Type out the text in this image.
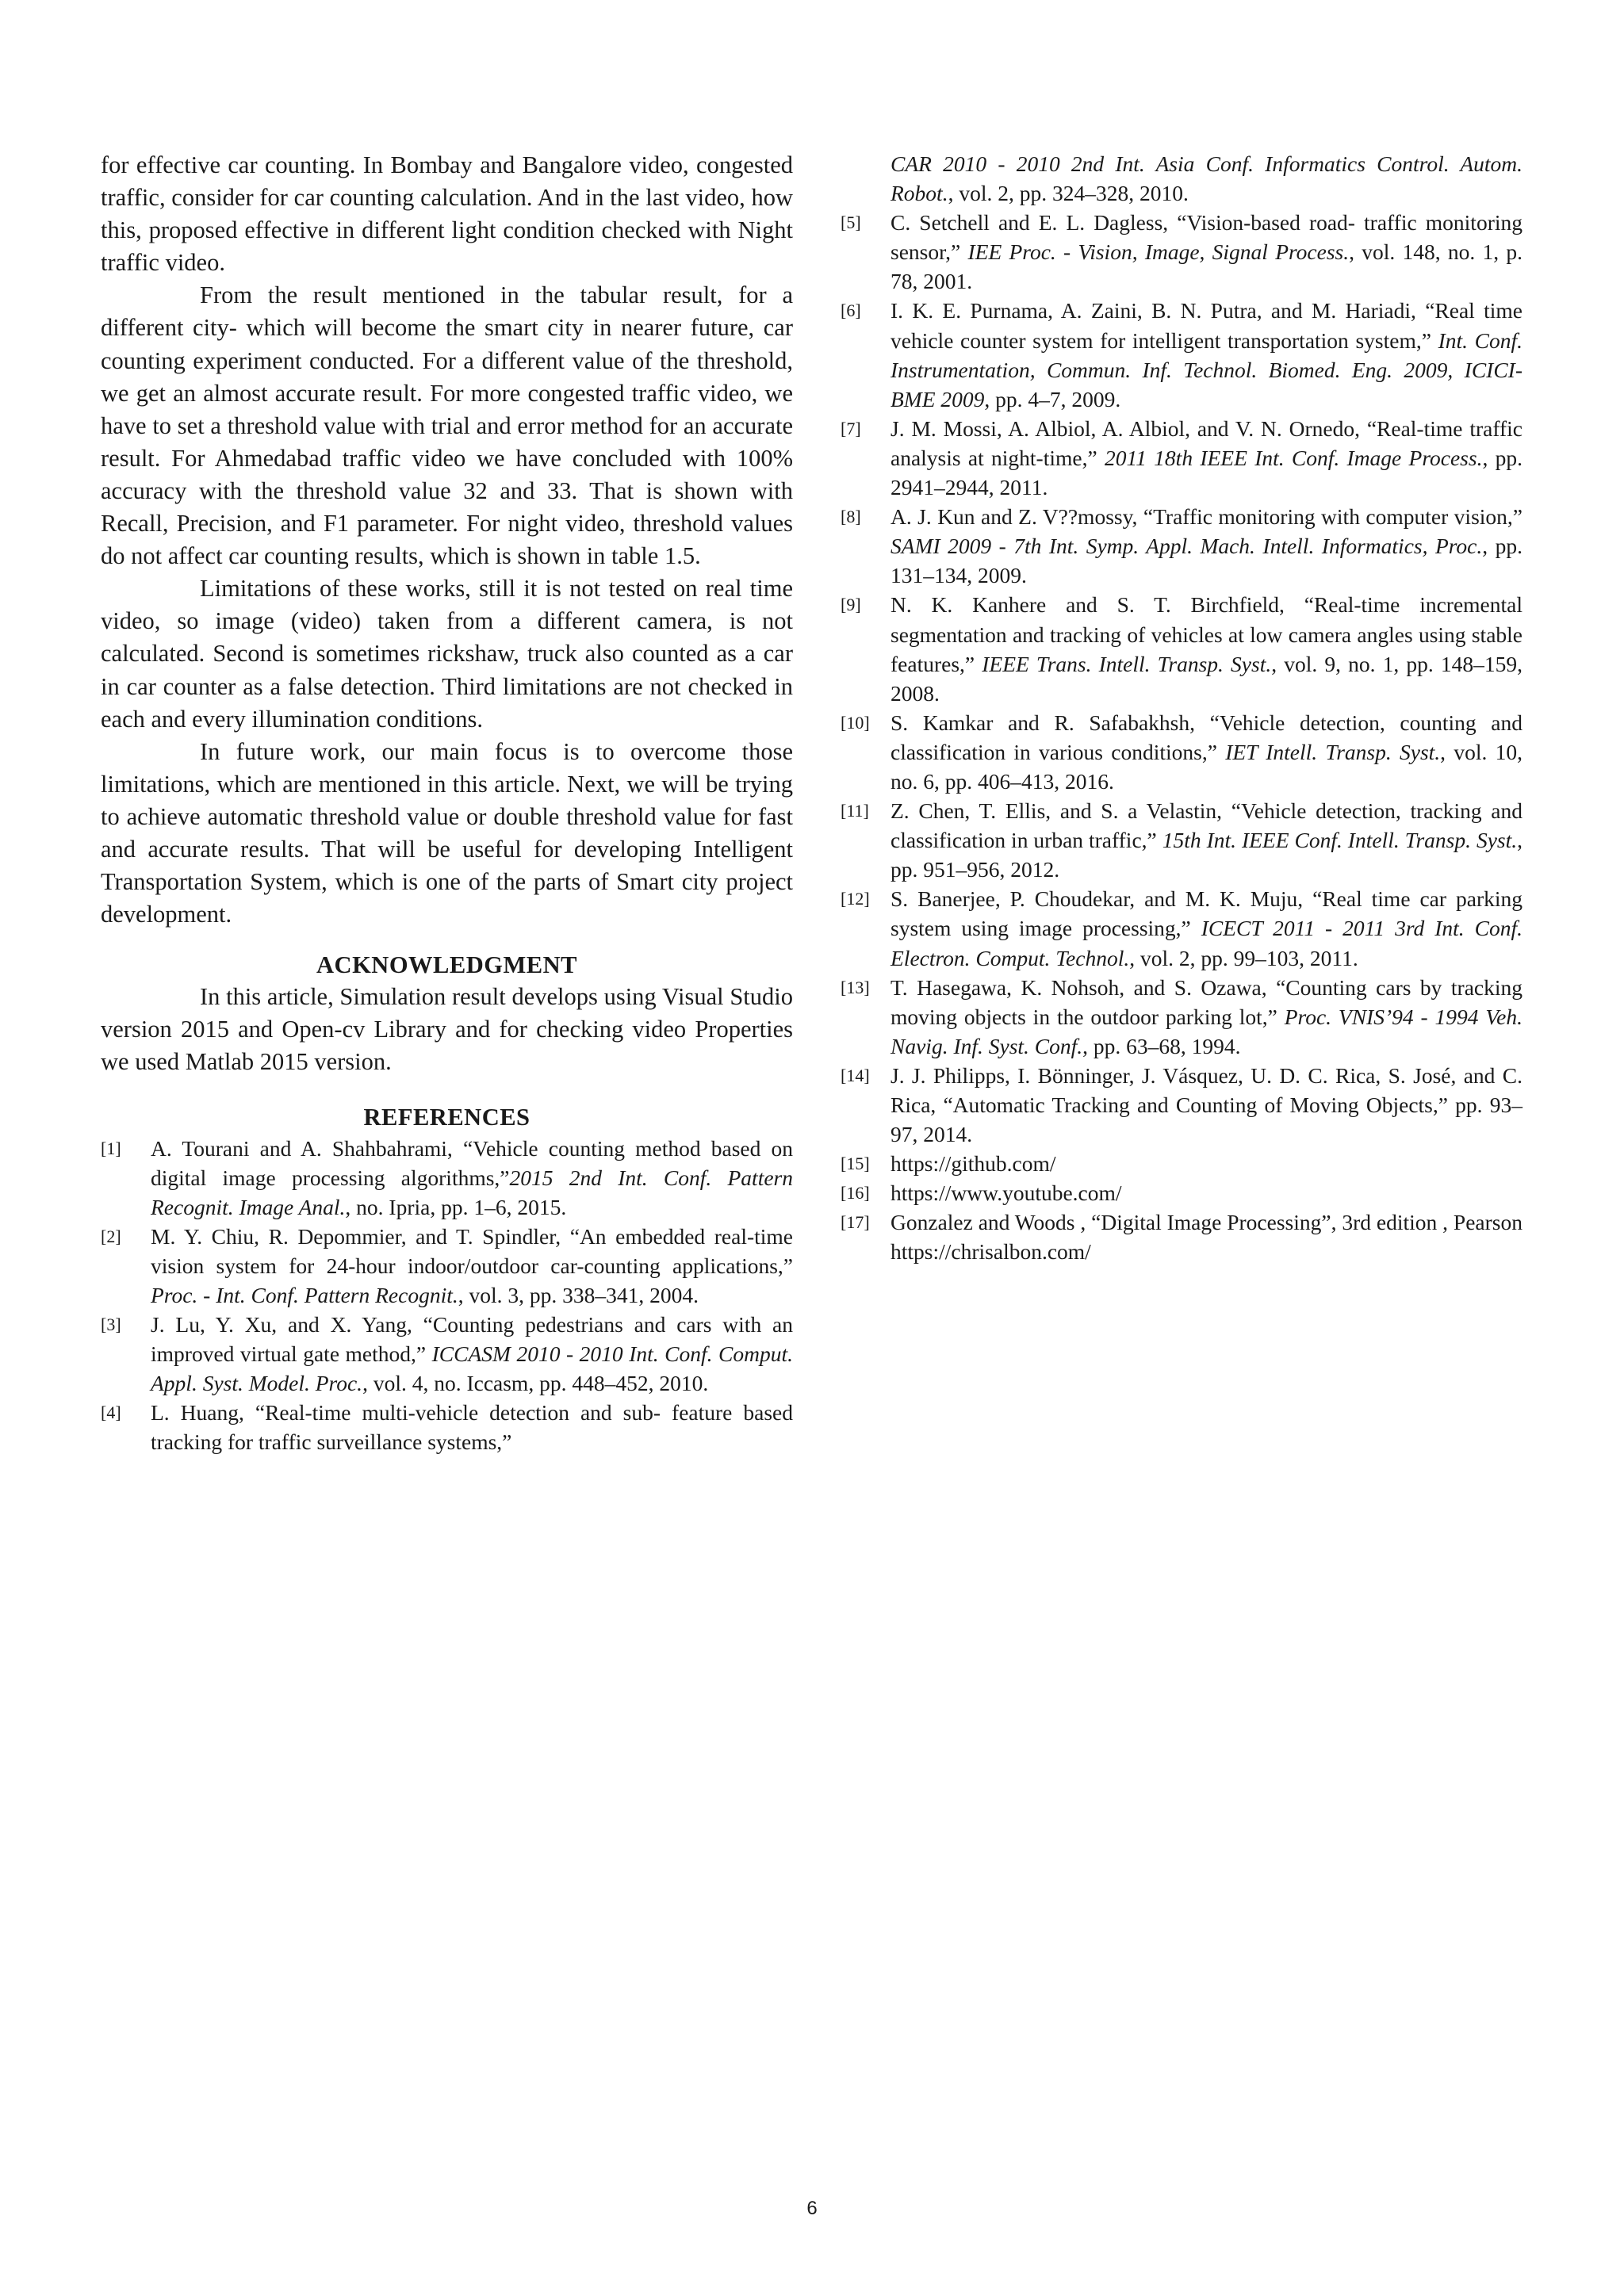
for effective car counting. In Bombay and Bangalore video, congested traffic, consider for car counting calculation. And in the last video, how this, proposed effective in different light condition checked with Night traffic video.

From the result mentioned in the tabular result, for a different city- which will become the smart city in nearer future, car counting experiment conducted. For a different value of the threshold, we get an almost accurate result. For more congested traffic video, we have to set a threshold value with trial and error method for an accurate result. For Ahmedabad traffic video we have concluded with 100% accuracy with the threshold value 32 and 33. That is shown with Recall, Precision, and F1 parameter. For night video, threshold values do not affect car counting results, which is shown in table 1.5.

Limitations of these works, still it is not tested on real time video, so image (video) taken from a different camera, is not calculated. Second is sometimes rickshaw, truck also counted as a car in car counter as a false detection. Third limitations are not checked in each and every illumination conditions.

In future work, our main focus is to overcome those limitations, which are mentioned in this article. Next, we will be trying to achieve automatic threshold value or double threshold value for fast and accurate results. That will be useful for developing Intelligent Transportation System, which is one of the parts of Smart city project development.

ACKNOWLEDGMENT

In this article, Simulation result develops using Visual Studio version 2015 and Open-cv Library and for checking video Properties we used Matlab 2015 version.

REFERENCES
[1]	A. Tourani and A. Shahbahrami, “Vehicle counting method based on digital image processing algorithms,”2015 2nd Int. Conf. Pattern Recognit. Image Anal., no. Ipria, pp. 1–6, 2015.
[2]	M. Y. Chiu, R. Depommier, and T. Spindler, “An embedded real-time vision system for 24-hour indoor/outdoor car-counting applications,” Proc. - Int. Conf. Pattern Recognit., vol. 3, pp. 338–341, 2004.
[3]	J. Lu, Y. Xu, and X. Yang, “Counting pedestrians and cars with an improved virtual gate method,” ICCASM 2010 - 2010 Int. Conf. Comput. Appl. Syst. Model. Proc., vol. 4, no. Iccasm, pp. 448–452, 2010.
[4]	L. Huang, “Real-time multi-vehicle detection and sub- feature based tracking for traffic surveillance systems,”
CAR 2010 - 2010 2nd Int. Asia Conf. Informatics Control. Autom. Robot., vol. 2, pp. 324–328, 2010.
[5]	C. Setchell and E. L. Dagless, “Vision-based road- traffic monitoring sensor,” IEE Proc. - Vision, Image, Signal Process., vol. 148, no. 1, p. 78, 2001.
[6]	I. K. E. Purnama, A. Zaini, B. N. Putra, and M. Hariadi, “Real time vehicle counter system for intelligent transportation system,” Int. Conf. Instrumentation, Commun. Inf. Technol. Biomed. Eng. 2009, ICICI- BME 2009, pp. 4–7, 2009.
[7]	J. M. Mossi, A. Albiol, A. Albiol, and V. N. Ornedo, “Real-time traffic analysis at night-time,” 2011 18th IEEE Int. Conf. Image Process., pp. 2941–2944, 2011.
[8]	A. J. Kun and Z. V??mossy, “Traffic monitoring with computer vision,” SAMI 2009 - 7th Int. Symp. Appl. Mach. Intell. Informatics, Proc., pp. 131–134, 2009.
[9]	N. K. Kanhere and S. T. Birchfield, “Real-time incremental segmentation and tracking of vehicles at low camera angles using stable features,” IEEE Trans. Intell. Transp. Syst., vol. 9, no. 1, pp. 148–159, 2008.
[10] S. Kamkar and R. Safabakhsh, “Vehicle detection, counting and classification in various conditions,” IET Intell. Transp. Syst., vol. 10, no. 6, pp. 406–413, 2016.
[11] Z. Chen, T. Ellis, and S. a Velastin, “Vehicle detection, tracking and classification in urban traffic,” 15th Int. IEEE Conf. Intell. Transp. Syst., pp. 951–956, 2012.
[12] S. Banerjee, P. Choudekar, and M. K. Muju, “Real time car parking system using image processing,” ICECT 2011 - 2011 3rd Int. Conf. Electron. Comput. Technol., vol. 2, pp. 99–103, 2011.
[13] T. Hasegawa, K. Nohsoh, and S. Ozawa, “Counting cars by tracking moving objects in the outdoor parking lot,” Proc. VNIS’94 - 1994 Veh. Navig. Inf. Syst. Conf., pp. 63–68, 1994.
[14] J. J. Philipps, I. Bönninger, J. Vásquez, U. D. C. Rica, S. José, and C. Rica, “Automatic Tracking and Counting of Moving Objects,” pp. 93–97, 2014.
[15] https://github.com/
[16] https://www.youtube.com/
[17] Gonzalez and Woods , “Digital Image Processing”, 3rd edition , Pearson https://chrisalbon.com/
6
